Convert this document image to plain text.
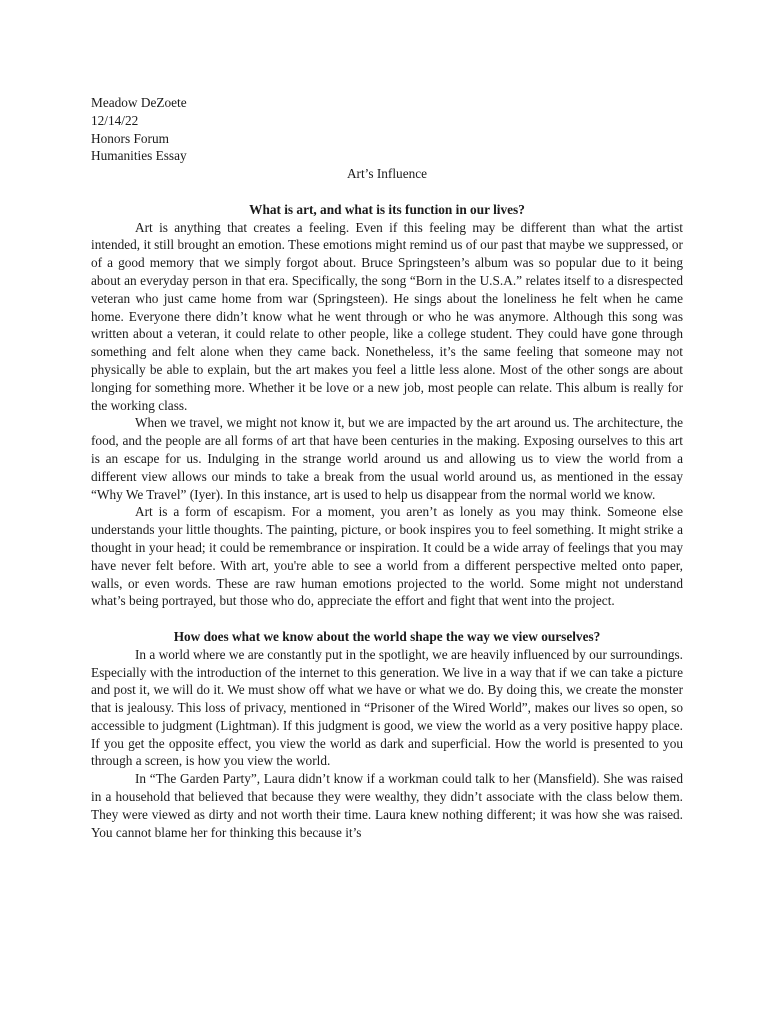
Meadow DeZoete

12/14/22

Honors Forum

Humanities Essay

Art’s Influence

What is art, and what is its function in our lives?

Art is anything that creates a feeling. Even if this feeling may be different than what the artist intended, it still brought an emotion. These emotions might remind us of our past that maybe we suppressed, or of a good memory that we simply forgot about. Bruce Springsteen’s album was so popular due to it being about an everyday person in that era. Specifically, the song “Born in the U.S.A.” relates itself to a disrespected veteran who just came home from war (Springsteen). He sings about the loneliness he felt when he came home. Everyone there didn’t know what he went through or who he was anymore. Although this song was written about a veteran, it could relate to other people, like a college student. They could have gone through something and felt alone when they came back. Nonetheless, it’s the same feeling that someone may not physically be able to explain, but the art makes you feel a little less alone. Most of the other songs are about longing for something more. Whether it be love or a new job, most people can relate. This album is really for the working class.

When we travel, we might not know it, but we are impacted by the art around us. The architecture, the food, and the people are all forms of art that have been centuries in the making. Exposing ourselves to this art is an escape for us. Indulging in the strange world around us and allowing us to view the world from a different view allows our minds to take a break from the usual world around us, as mentioned in the essay “Why We Travel” (Iyer). In this instance, art is used to help us disappear from the normal world we know.

Art is a form of escapism. For a moment, you aren’t as lonely as you may think. Someone else understands your little thoughts. The painting, picture, or book inspires you to feel something. It might strike a thought in your head; it could be remembrance or inspiration. It could be a wide array of feelings that you may have never felt before. With art, you're able to see a world from a different perspective melted onto paper, walls, or even words. These are raw human emotions projected to the world. Some might not understand what’s being portrayed, but those who do, appreciate the effort and fight that went into the project.

How does what we know about the world shape the way we view ourselves?

In a world where we are constantly put in the spotlight, we are heavily influenced by our surroundings. Especially with the introduction of the internet to this generation. We live in a way that if we can take a picture and post it, we will do it. We must show off what we have or what we do. By doing this, we create the monster that is jealousy. This loss of privacy, mentioned in “Prisoner of the Wired World”, makes our lives so open, so accessible to judgment (Lightman). If this judgment is good, we view the world as a very positive happy place. If you get the opposite effect, you view the world as dark and superficial. How the world is presented to you through a screen, is how you view the world.

In “The Garden Party”, Laura didn’t know if a workman could talk to her (Mansfield). She was raised in a household that believed that because they were wealthy, they didn’t associate with the class below them. They were viewed as dirty and not worth their time. Laura knew nothing different; it was how she was raised. You cannot blame her for thinking this because it’s
